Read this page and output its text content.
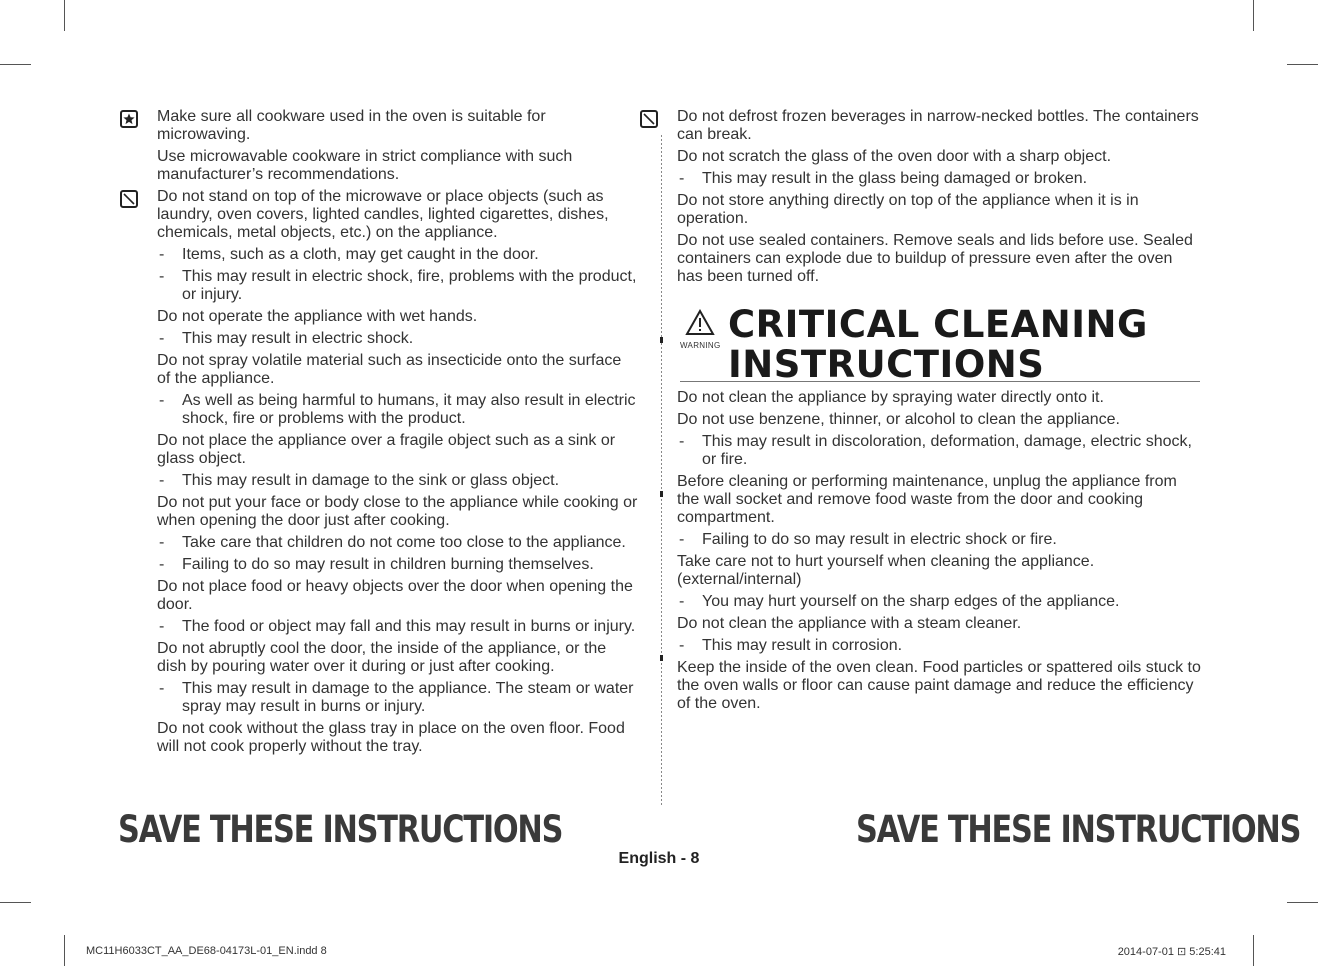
Make sure all cookware used in the oven is suitable for microwaving.

Use microwavable cookware in strict compliance with such manufacturer’s recommendations.

Do not stand on top of the microwave or place objects (such as laundry, oven covers, lighted candles, lighted cigarettes, dishes, chemicals, metal objects, etc.) on the appliance.

- Items, such as a cloth, may get caught in the door.

- This may result in electric shock, fire, problems with the product, or injury.

Do not operate the appliance with wet hands.

- This may result in electric shock.

Do not spray volatile material such as insecticide onto the surface of the appliance.

- As well as being harmful to humans, it may also result in electric shock, fire or problems with the product.

Do not place the appliance over a fragile object such as a sink or glass object.

- This may result in damage to the sink or glass object.

Do not put your face or body close to the appliance while cooking or when opening the door just after cooking.

- Take care that children do not come too close to the appliance.

- Failing to do so may result in children burning themselves.

Do not place food or heavy objects over the door when opening the door.

- The food or object may fall and this may result in burns or injury.

Do not abruptly cool the door, the inside of the appliance, or the dish by pouring water over it during or just after cooking.

- This may result in damage to the appliance. The steam or water spray may result in burns or injury.

Do not cook without the glass tray in place on the oven floor. Food will not cook properly without the tray.

Do not defrost frozen beverages in narrow-necked bottles. The containers can break.

Do not scratch the glass of the oven door with a sharp object.

- This may result in the glass being damaged or broken.

Do not store anything directly on top of the appliance when it is in operation.

Do not use sealed containers. Remove seals and lids before use. Sealed containers can explode due to buildup of pressure even after the oven has been turned off.

WARNING CRITICAL CLEANING
INSTRUCTIONS

Do not clean the appliance by spraying water directly onto it.

Do not use benzene, thinner, or alcohol to clean the appliance.

- This may result in discoloration, deformation, damage, electric shock, or fire.

Before cleaning or performing maintenance, unplug the appliance from the wall socket and remove food waste from the door and cooking compartment.

- Failing to do so may result in electric shock or fire.

Take care not to hurt yourself when cleaning the appliance. (external/internal)

- You may hurt yourself on the sharp edges of the appliance.

Do not clean the appliance with a steam cleaner.

- This may result in corrosion.

Keep the inside of the oven clean. Food particles or spattered oils stuck to the oven walls or floor can cause paint damage and reduce the efficiency of the oven.

SAVE THESE INSTRUCTIONS	SAVE THESE INSTRUCTIONS
English - 8
MC11H6033CT_AA_DE68-04173L-01_EN.indd 8	2014-07-01 ⊡ 5:25:41
